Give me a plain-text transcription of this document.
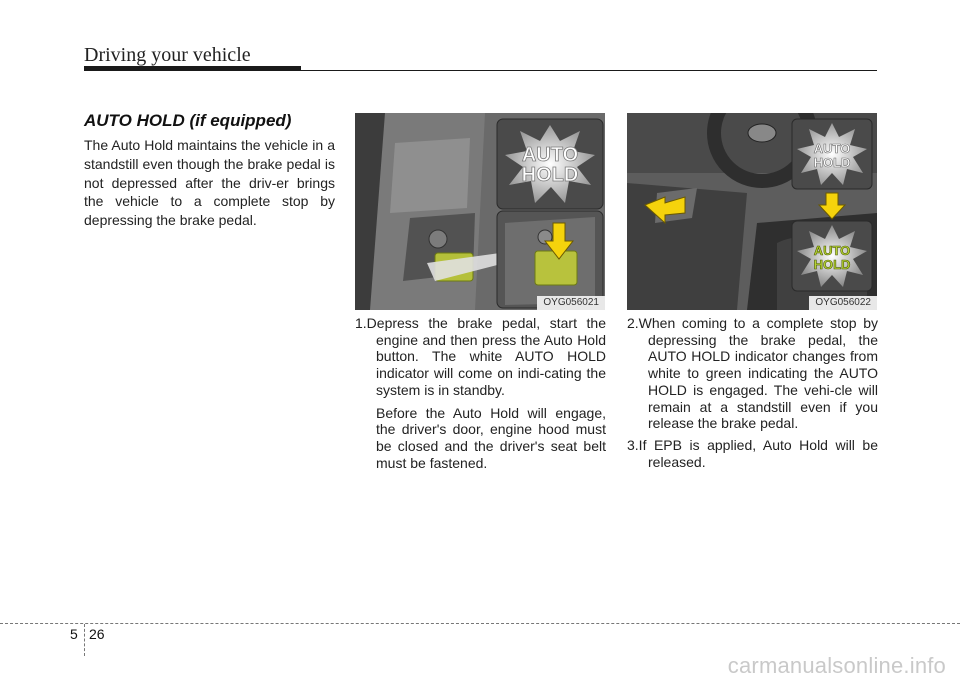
Driving your vehicle
AUTO HOLD (if equipped)

The Auto Hold maintains the vehicle in a standstill even though the brake pedal is not depressed after the driv-er brings the vehicle to a complete stop by depressing the brake pedal.

AUTO
HOLD
OYG056021
AUTO
HOLD
AUTO
HOLD
OYG056022

1.Depress the brake pedal, start the engine and then press the Auto Hold button. The white AUTO HOLD indicator will come on indi-cating the system is in standby.

Before the Auto Hold will engage, the driver's door, engine hood must be closed and the driver's seat belt must be fastened.

2.When coming to a complete stop by depressing the brake pedal, the AUTO HOLD indicator changes from white to green indicating the AUTO HOLD is engaged. The vehi-cle will remain at a standstill even if you release the brake pedal.
3.If EPB is applied, Auto Hold will be released.
5 26
carmanualsonline.info
